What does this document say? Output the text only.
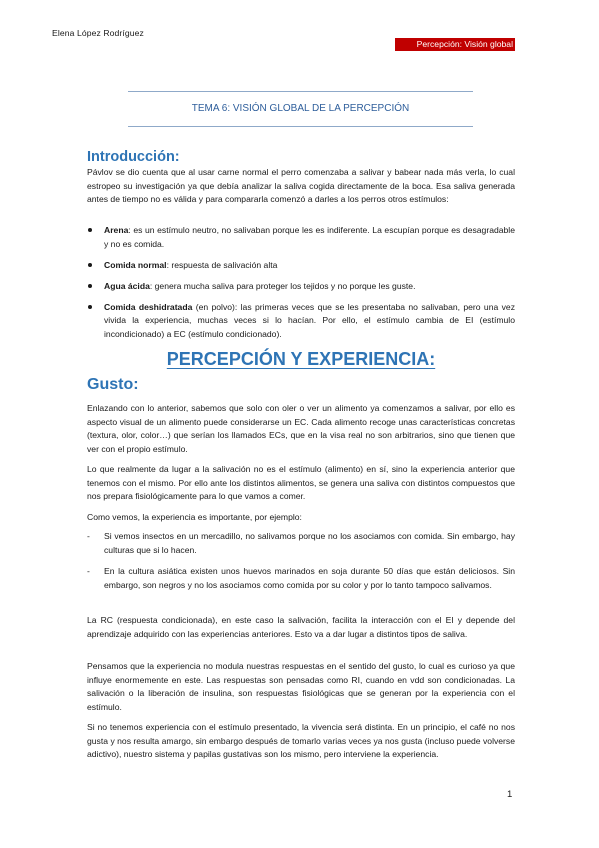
Elena López Rodríguez
Percepción: Visión global
TEMA 6: VISIÓN GLOBAL DE LA PERCEPCIÓN
Introducción:

Pávlov se dio cuenta que al usar carne normal el perro comenzaba a salivar y babear nada más verla, lo cual estropeo su investigación ya que debía analizar la saliva cogida directamente de la boca. Esa saliva generada antes de tiempo no es válida y para compararla comenzó a darles a los perros otros estímulos:

Arena: es un estímulo neutro, no salivaban porque les es indiferente. La escupían porque es desagradable y no es comida.
Comida normal: respuesta de salivación alta
Agua ácida: genera mucha saliva para proteger los tejidos y no porque les guste.
Comida deshidratada (en polvo): las primeras veces que se les presentaba no salivaban, pero una vez vivida la experiencia, muchas veces si lo hacían. Por ello, el estímulo cambia de EI (estímulo incondicionado) a EC (estímulo condicionado).
PERCEPCIÓN Y EXPERIENCIA:
Gusto:

Enlazando con lo anterior, sabemos que solo con oler o ver un alimento ya comenzamos a salivar, por ello es aspecto visual de un alimento puede considerarse un EC. Cada alimento recoge unas características concretas (textura, olor, color…) que serían los llamados ECs, que en la visa real no son arbitrarios, sino que tienen que ver con el propio estímulo.

Lo que realmente da lugar a la salivación no es el estímulo (alimento) en sí, sino la experiencia anterior que tenemos con el mismo. Por ello ante los distintos alimentos, se genera una saliva con distintos compuestos que nos prepara fisiológicamente para lo que vamos a comer.

Como vemos, la experiencia es importante, por ejemplo:

- Si vemos insectos en un mercadillo, no salivamos porque no los asociamos con comida. Sin embargo, hay culturas que si lo hacen.
- En la cultura asiática existen unos huevos marinados en soja durante 50 días que están deliciosos. Sin embargo, son negros y no los asociamos como comida por su color y por lo tanto tampoco salivamos.

La RC (respuesta condicionada), en este caso la salivación, facilita la interacción con el EI y depende del aprendizaje adquirido con las experiencias anteriores. Esto va a dar lugar a distintos tipos de saliva.

Pensamos que la experiencia no modula nuestras respuestas en el sentido del gusto, lo cual es curioso ya que influye enormemente en este. Las respuestas son pensadas como RI, cuando en vdd son condicionadas. La salivación o la liberación de insulina, son respuestas fisiológicas que se generan por la experiencia con el estímulo.

Si no tenemos experiencia con el estímulo presentado, la vivencia será distinta. En un principio, el café no nos gusta y nos resulta amargo, sin embargo después de tomarlo varias veces ya nos gusta (incluso puede volverse adictivo), nuestro sistema y papilas gustativas son los mismo, pero interviene la experiencia.

1
